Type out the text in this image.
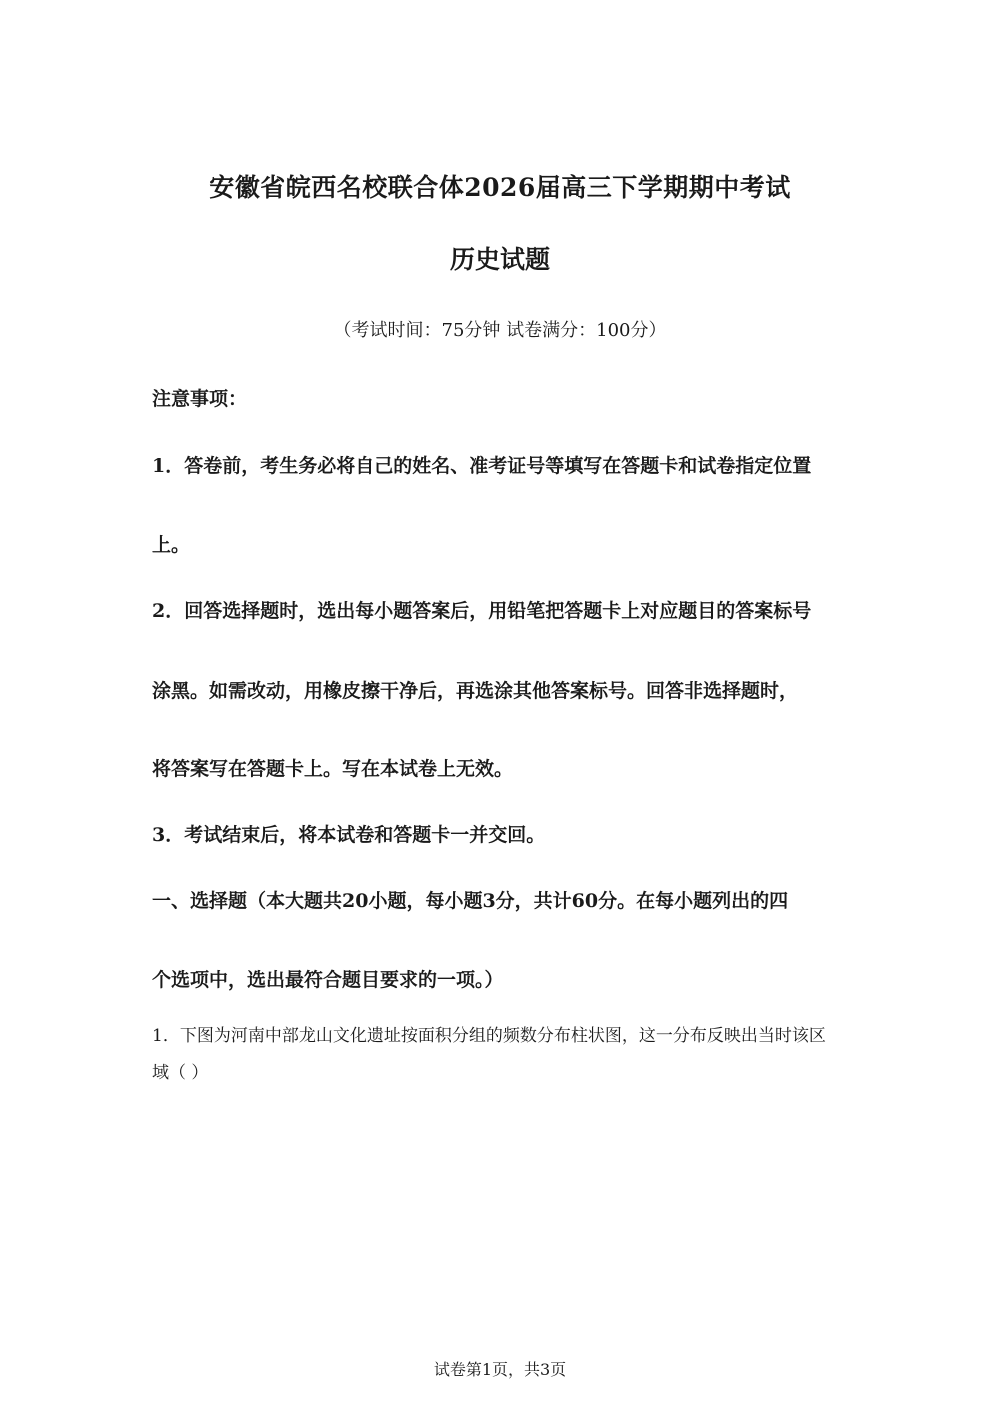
安徽省皖西名校联合体2026届高三下学期期中考试
历史试题
（考试时间：75分钟 试卷满分：100分）
注意事项：
1．答卷前，考生务必将自己的姓名、准考证号等填写在答题卡和试卷指定位置
上。
2．回答选择题时，选出每小题答案后，用铅笔把答题卡上对应题目的答案标号
涂黑。如需改动，用橡皮擦干净后，再选涂其他答案标号。回答非选择题时，
将答案写在答题卡上。写在本试卷上无效。
3．考试结束后，将本试卷和答题卡一并交回。
一、选择题（本大题共20小题，每小题3分，共计60分。在每小题列出的四
个选项中，选出最符合题目要求的一项。）
1．下图为河南中部龙山文化遗址按面积分组的频数分布柱状图，这一分布反映出当时该区
域（ ）
试卷第1页，共3页
